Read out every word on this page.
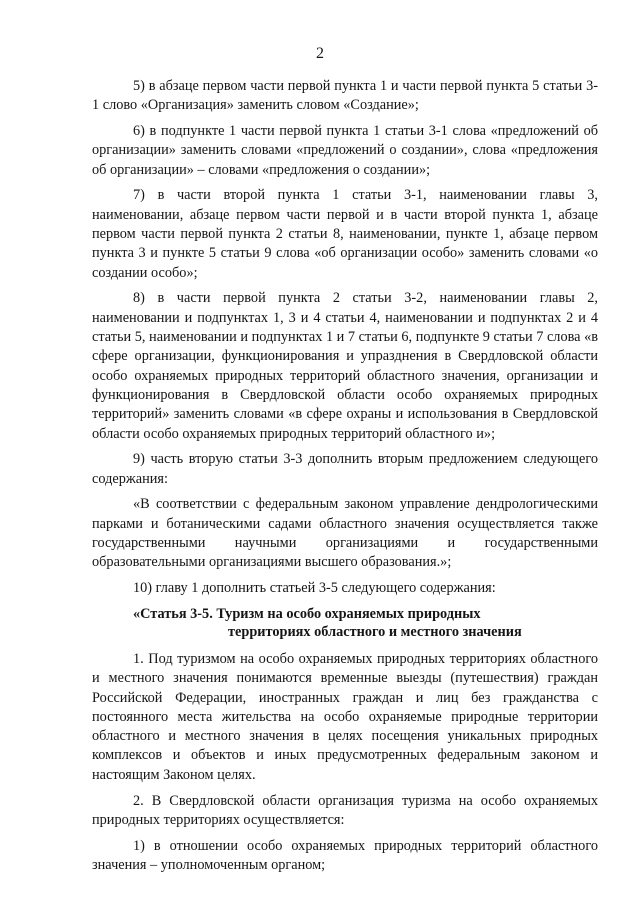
2

5) в абзаце первом части первой пункта 1 и части первой пункта 5 статьи 3-1 слово «Организация» заменить словом «Создание»;

6) в подпункте 1 части первой пункта 1 статьи 3-1 слова «предложений об организации» заменить словами «предложений о создании», слова «предложения об организации» – словами «предложения о создании»;

7) в части второй пункта 1 статьи 3-1, наименовании главы 3, наименовании, абзаце первом части первой и в части второй пункта 1, абзаце первом части первой пункта 2 статьи 8, наименовании, пункте 1, абзаце первом пункта 3 и пункте 5 статьи 9 слова «об организации особо» заменить словами «о создании особо»;

8) в части первой пункта 2 статьи 3-2, наименовании главы 2, наименовании и подпунктах 1, 3 и 4 статьи 4, наименовании и подпунктах 2 и 4 статьи 5, наименовании и подпунктах 1 и 7 статьи 6, подпункте 9 статьи 7 слова «в сфере организации, функционирования и упразднения в Свердловской области особо охраняемых природных территорий областного значения, организации и функционирования в Свердловской области особо охраняемых природных территорий» заменить словами «в сфере охраны и использования в Свердловской области особо охраняемых природных территорий областного и»;

9) часть вторую статьи 3-3 дополнить вторым предложением следующего содержания:

«В соответствии с федеральным законом управление дендрологическими парками и ботаническими садами областного значения осуществляется также государственными научными организациями и государственными образовательными организациями высшего образования.»;

10) главу 1 дополнить статьей 3-5 следующего содержания:

«Статья 3-5. Туризм на особо охраняемых природных
территориях областного и местного значения

1. Под туризмом на особо охраняемых природных территориях областного и местного значения понимаются временные выезды (путешествия) граждан Российской Федерации, иностранных граждан и лиц без гражданства с постоянного места жительства на особо охраняемые природные территории областного и местного значения в целях посещения уникальных природных комплексов и объектов и иных предусмотренных федеральным законом и настоящим Законом целях.

2. В Свердловской области организация туризма на особо охраняемых природных территориях осуществляется:

1) в отношении особо охраняемых природных территорий областного значения – уполномоченным органом;
